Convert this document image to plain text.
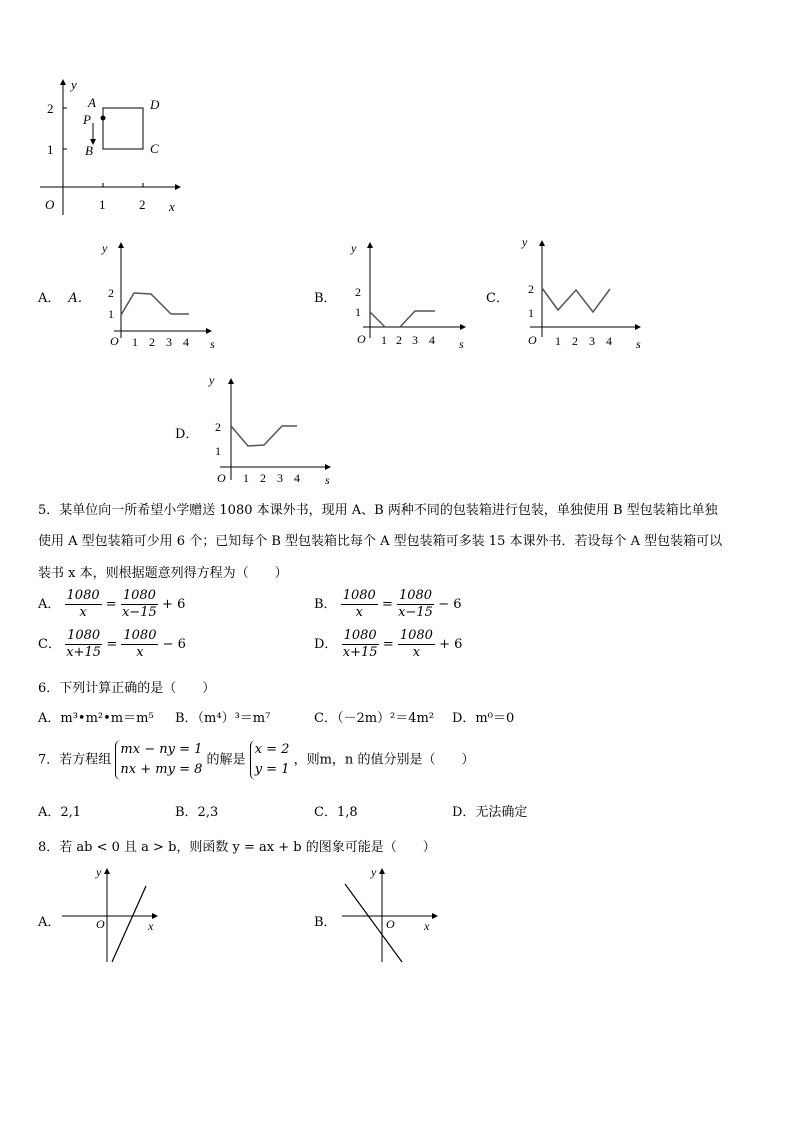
y
x
O	1	2
1
2	A
P
B
D
C
A． A．	B．	C．
D．
y
s
O 1 2 3 4
1
2
y
s
O 1 2 3 4
1
2
y
s
O 1 2 3 4
1
2
y
s
O 1 2 3 4
1
2
5．某单位向一所希望小学赠送 1080 本课外书，现用 A、B 两种不同的包装箱进行包装，单独使用 B 型包装箱比单独
使用 A 型包装箱可少用 6 个；已知每个 B 型包装箱比每个 A 型包装箱可多装 15 本课外书．若设每个 A 型包装箱可以
装书 x 本，则根据题意列得方程为（　　）
A． $\frac{1080}{x} = \frac{1080}{x-15} + 6$	B． $\frac{1080}{x} = \frac{1080}{x-15} - 6$
C． $\frac{1080}{x+15} = \frac{1080}{x} - 6$	D． $\frac{1080}{x+15} = \frac{1080}{x} + 6$
6．下列计算正确的是（　　）
A．m³•m²•m＝m⁵ B．（m⁴）³＝m⁷	C．（－2m）²＝4m² D．m⁰＝0
7．若方程组
mx − ny = 1
nx + my = 8
的解是
x = 2
y = 1
，则m，n 的值分别是（　　）
A．2,1	B．2,3	C．1,8	D．无法确定
8．若 ab < 0 且 a > b，则函数 y = ax + b 的图象可能是（　　）
A．	B．
y
x
O
y
x
O
